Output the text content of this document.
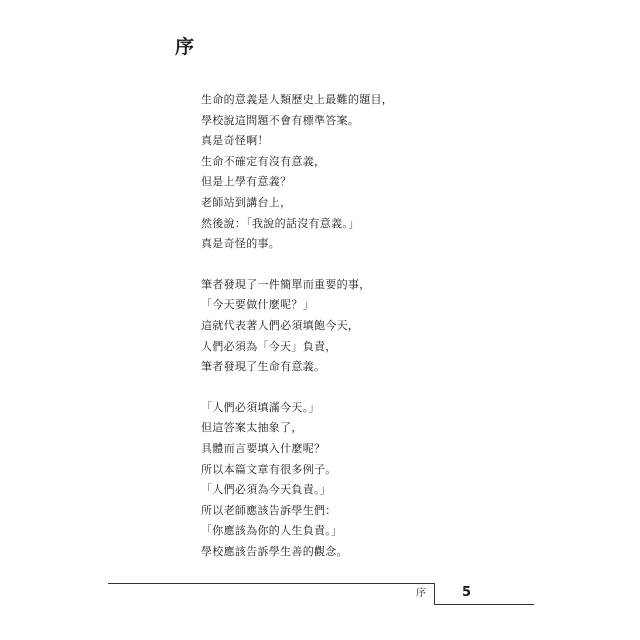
序
生命的意義是人類歷史上最難的題目，
學校說這問題不會有標準答案。
真是奇怪啊！
生命不確定有沒有意義，
但是上學有意義？
老師站到講台上，
然後說：「我說的話沒有意義。」
真是奇怪的事。
筆者發現了一件簡單而重要的事，
「今天要做什麼呢？」
這就代表著人們必須填飽今天，
人們必須為「今天」負責，
筆者發現了生命有意義。
「人們必須填滿今天。」
但這答案太抽象了，
具體而言要填入什麼呢？
所以本篇文章有很多例子。
「人們必須為今天負責。」
所以老師應該告訴學生們：
「你應該為你的人生負責。」
學校應該告訴學生善的觀念。
序	5
